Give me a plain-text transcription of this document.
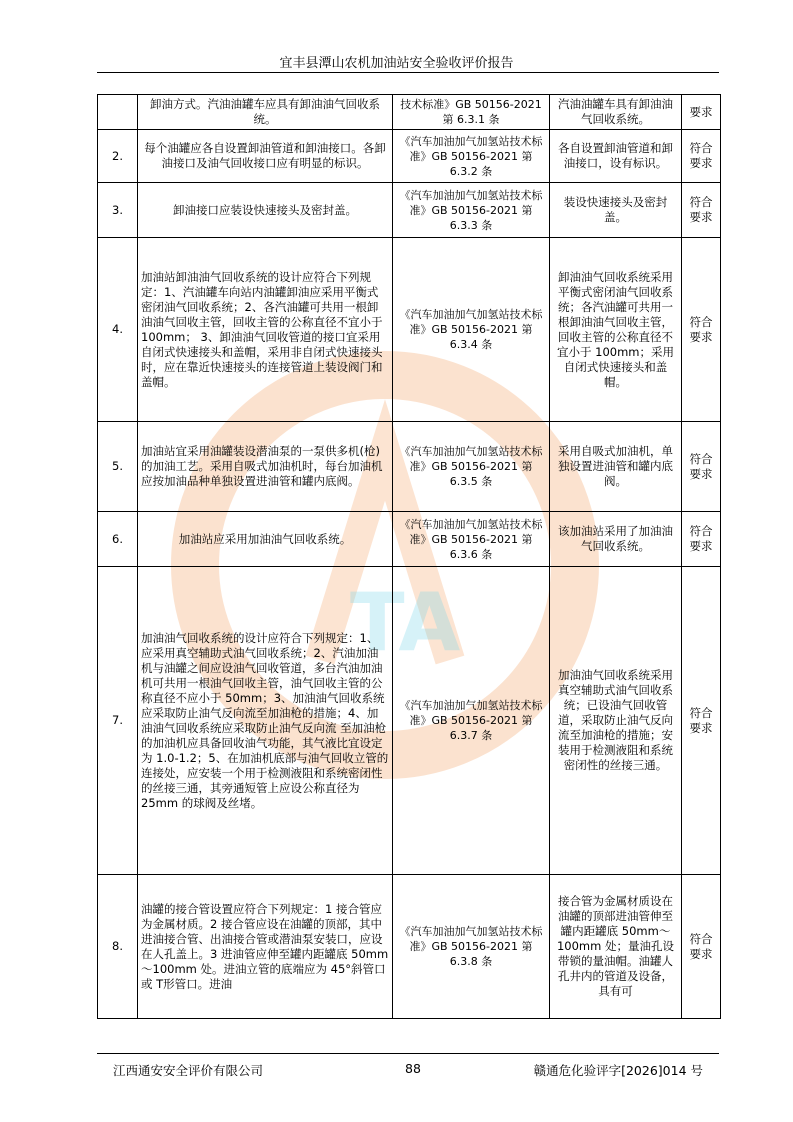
宜丰县潭山农机加油站安全验收评价报告
TA
	卸油方式。汽油油罐车应具有卸油油气回收系统。	技术标准》GB 50156-2021 第 6.3.1 条	汽油油罐车具有卸油油气回收系统。	要求
2.	每个油罐应各自设置卸油管道和卸油接口。各卸油接口及油气回收接口应有明显的标识。	《汽车加油加气加氢站技术标准》GB 50156-2021 第 6.3.2 条	各自设置卸油管道和卸油接口，设有标识。	符合要求
3.	卸油接口应装设快速接头及密封盖。	《汽车加油加气加氢站技术标准》GB 50156-2021 第 6.3.3 条	装设快速接头及密封盖。	符合要求
4.	加油站卸油油气回收系统的设计应符合下列规定：1、汽油罐车向站内油罐卸油应采用平衡式密闭油气回收系统；2、各汽油罐可共用一根卸油油气回收主管，回收主管的公称直径不宜小于 100mm； 3、卸油油气回收管道的接口宜采用自闭式快速接头和盖帽，采用非自闭式快速接头时，应在靠近快速接头的连接管道上装设阀门和盖帽。	《汽车加油加气加氢站技术标准》GB 50156-2021 第 6.3.4 条	卸油油气回收系统采用平衡式密闭油气回收系统；各汽油罐可共用一根卸油油气回收主管，回收主管的公称直径不宜小于 100mm；采用自闭式快速接头和盖帽。	符合要求
5.	加油站宜采用油罐装设潜油泵的一泵供多机(枪)的加油工艺。采用自吸式加油机时，每台加油机应按加油品种单独设置进油管和罐内底阀。	《汽车加油加气加氢站技术标准》GB 50156-2021 第 6.3.5 条	采用自吸式加油机，单独设置进油管和罐内底阀。	符合要求
6.	加油站应采用加油油气回收系统。	《汽车加油加气加氢站技术标准》GB 50156-2021 第 6.3.6 条	该加油站采用了加油油气回收系统。	符合要求
7.	加油油气回收系统的设计应符合下列规定：1、应采用真空辅助式油气回收系统；2、汽油加油机与油罐之间应设油气回收管道，多台汽油加油机可共用一根油气回收主管，油气回收主管的公称直径不应小于 50mm；3、加油油气回收系统应采取防止油气反向流至加油枪的措施；4、加油油气回收系统应采取防止油气反向流 至加油枪的加油机应具备回收油气功能，其气液比宜设定为 1.0-1.2；5、在加油机底部与油气回收立管的连接处，应安装一个用于检测液阻和系统密闭性的丝接三通，其旁通短管上应设公称直径为 25mm 的球阀及丝堵。	《汽车加油加气加氢站技术标准》GB 50156-2021 第 6.3.7 条	加油油气回收系统采用真空辅助式油气回收系统；已设油气回收管道，采取防止油气反向流至加油枪的措施；安装用于检测液阻和系统密闭性的丝接三通。	符合要求
8.	油罐的接合管设置应符合下列规定：1 接合管应为金属材质。2 接合管应设在油罐的顶部，其中进油接合管、出油接合管或潜油泵安装口，应设在人孔盖上。3 进油管应伸至罐内距罐底 50mm～100mm 处。进油立管的底端应为 45°斜管口或 T形管口。进油	《汽车加油加气加氢站技术标准》GB 50156-2021 第 6.3.8 条	接合管为金属材质设在油罐的顶部进油管伸至罐内距罐底 50mm～100mm 处；量油孔设带锁的量油帽。油罐人孔井内的管道及设备，具有可	符合要求
江西通安安全评价有限公司	88	赣通危化验评字[2026]014 号
